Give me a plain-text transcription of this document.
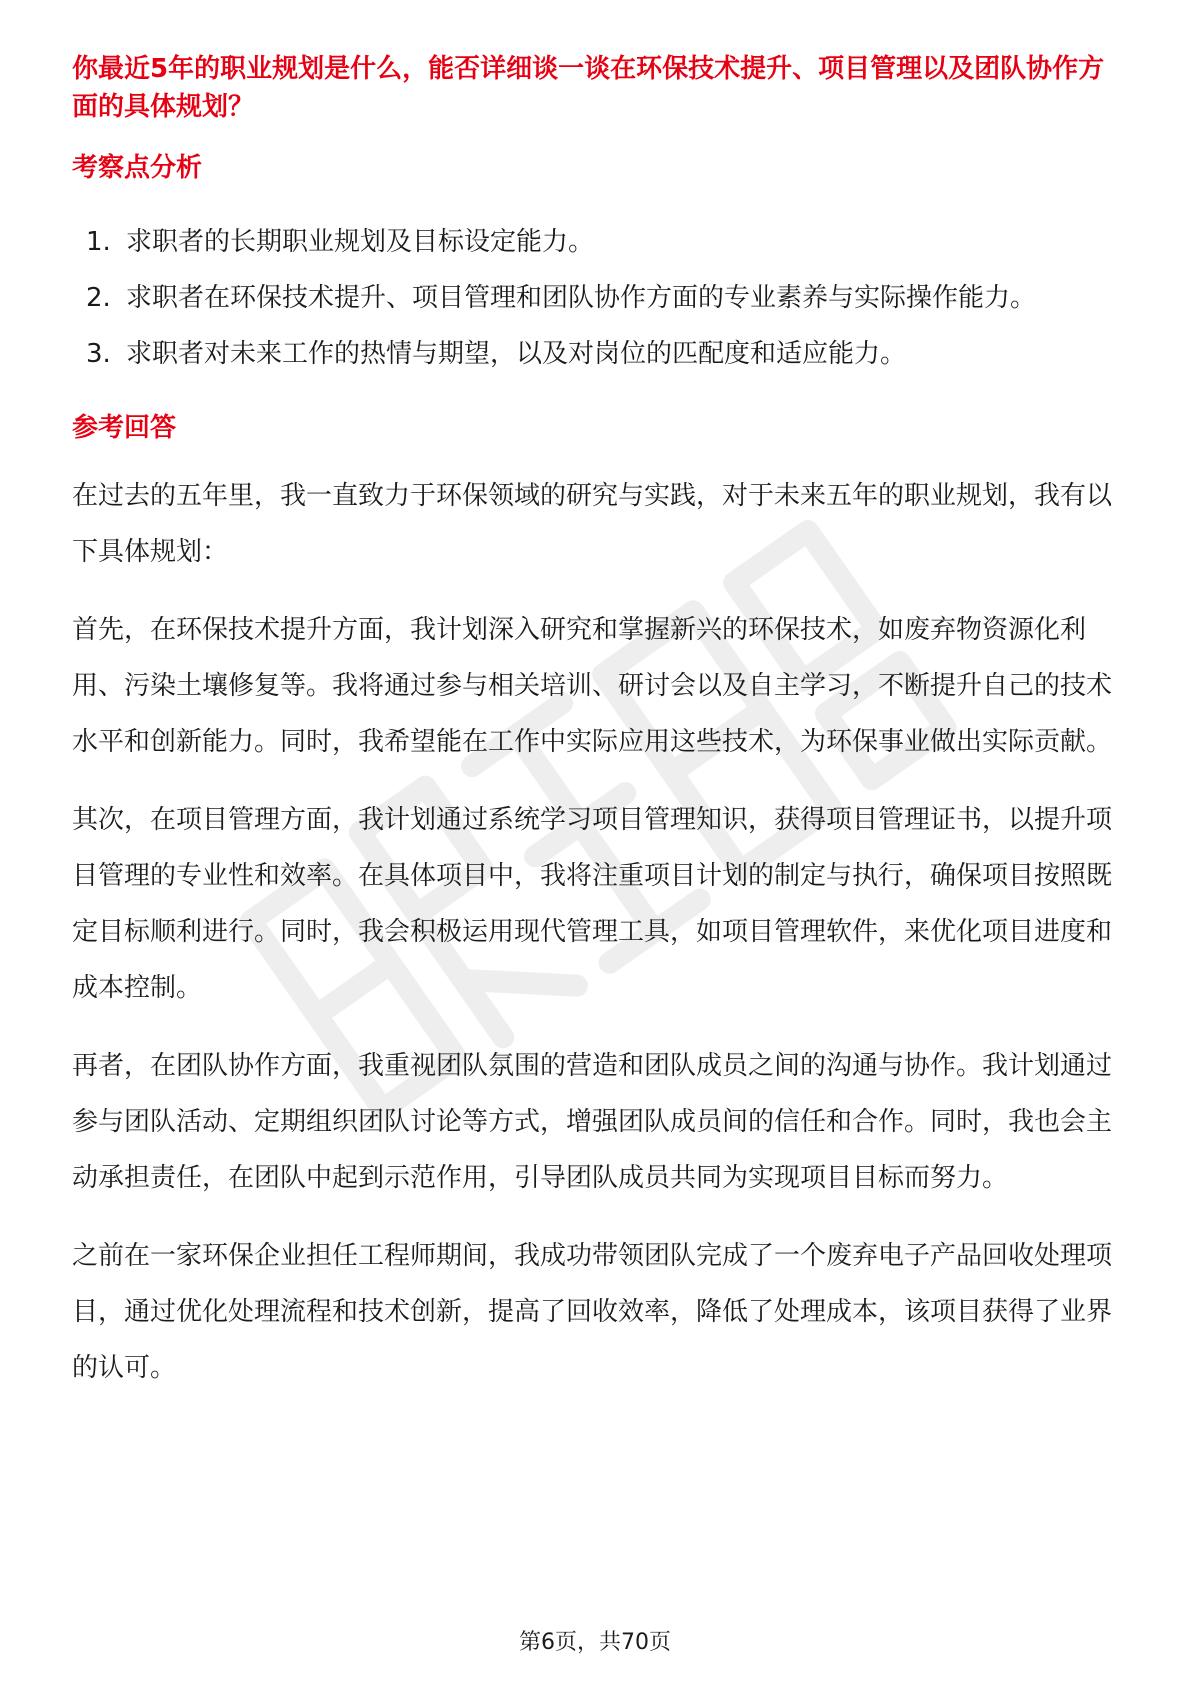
你最近5年的职业规划是什么，能否详细谈一谈在环保技术提升、项目管理以及团队协作方面的具体规划？

考察点分析
1. 求职者的长期职业规划及目标设定能力。
2. 求职者在环保技术提升、项目管理和团队协作方面的专业素养与实际操作能力。
3. 求职者对未来工作的热情与期望，以及对岗位的匹配度和适应能力。
参考回答

在过去的五年里，我一直致力于环保领域的研究与实践，对于未来五年的职业规划，我有以下具体规划：

首先，在环保技术提升方面，我计划深入研究和掌握新兴的环保技术，如废弃物资源化利用、污染土壤修复等。我将通过参与相关培训、研讨会以及自主学习，不断提升自己的技术水平和创新能力。同时，我希望能在工作中实际应用这些技术，为环保事业做出实际贡献。

其次，在项目管理方面，我计划通过系统学习项目管理知识，获得项目管理证书，以提升项目管理的专业性和效率。在具体项目中，我将注重项目计划的制定与执行，确保项目按照既定目标顺利进行。同时，我会积极运用现代管理工具，如项目管理软件，来优化项目进度和成本控制。

再者，在团队协作方面，我重视团队氛围的营造和团队成员之间的沟通与协作。我计划通过参与团队活动、定期组织团队讨论等方式，增强团队成员间的信任和合作。同时，我也会主动承担责任，在团队中起到示范作用，引导团队成员共同为实现项目目标而努力。

之前在一家环保企业担任工程师期间，我成功带领团队完成了一个废弃电子产品回收处理项目，通过优化处理流程和技术创新，提高了回收效率，降低了处理成本，该项目获得了业界的认可。

第6页，共70页
